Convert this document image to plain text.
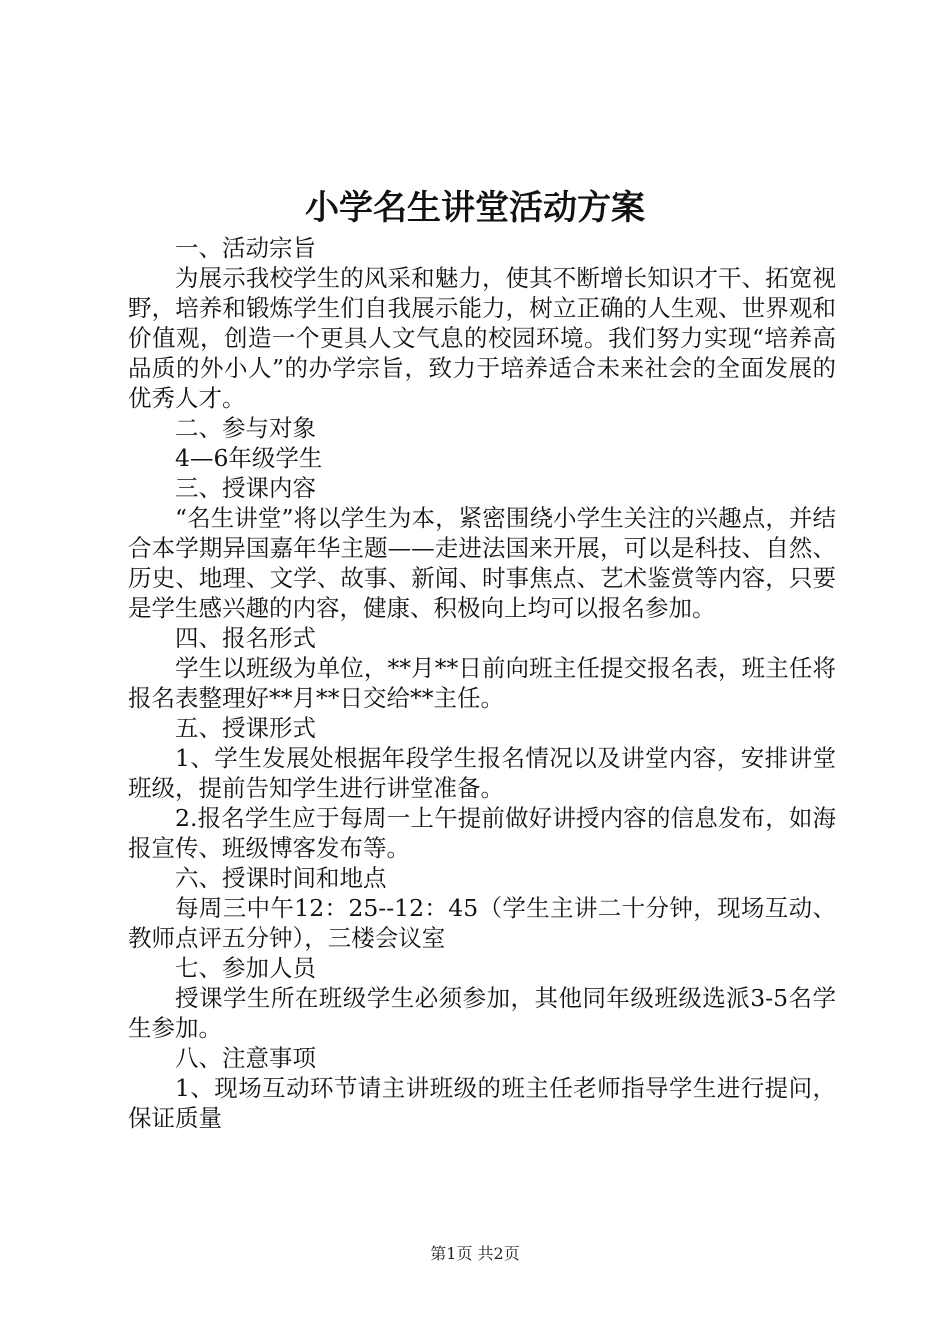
小学名生讲堂活动方案

一、活动宗旨

为展示我校学生的风采和魅力，使其不断增长知识才干、拓宽视野，培养和锻炼学生们自我展示能力，树立正确的人生观、世界观和价值观，创造一个更具人文气息的校园环境。我们努力实现“培养高品质的外小人”的办学宗旨，致力于培养适合未来社会的全面发展的优秀人才。

二、参与对象

4—6年级学生

三、授课内容

“名生讲堂”将以学生为本，紧密围绕小学生关注的兴趣点，并结合本学期异国嘉年华主题——走进法国来开展，可以是科技、自然、历史、地理、文学、故事、新闻、时事焦点、艺术鉴赏等内容，只要是学生感兴趣的内容，健康、积极向上均可以报名参加。

四、报名形式

学生以班级为单位，**月**日前向班主任提交报名表，班主任将报名表整理好**月**日交给**主任。

五、授课形式

1、学生发展处根据年段学生报名情况以及讲堂内容，安排讲堂班级，提前告知学生进行讲堂准备。

2.报名学生应于每周一上午提前做好讲授内容的信息发布，如海报宣传、班级博客发布等。

六、授课时间和地点

每周三中午12：25--12：45（学生主讲二十分钟，现场互动、教师点评五分钟），三楼会议室

七、参加人员

授课学生所在班级学生必须参加，其他同年级班级选派3-5名学生参加。

八、注意事项

1、现场互动环节请主讲班级的班主任老师指导学生进行提问，保证质量

第1页 共2页
